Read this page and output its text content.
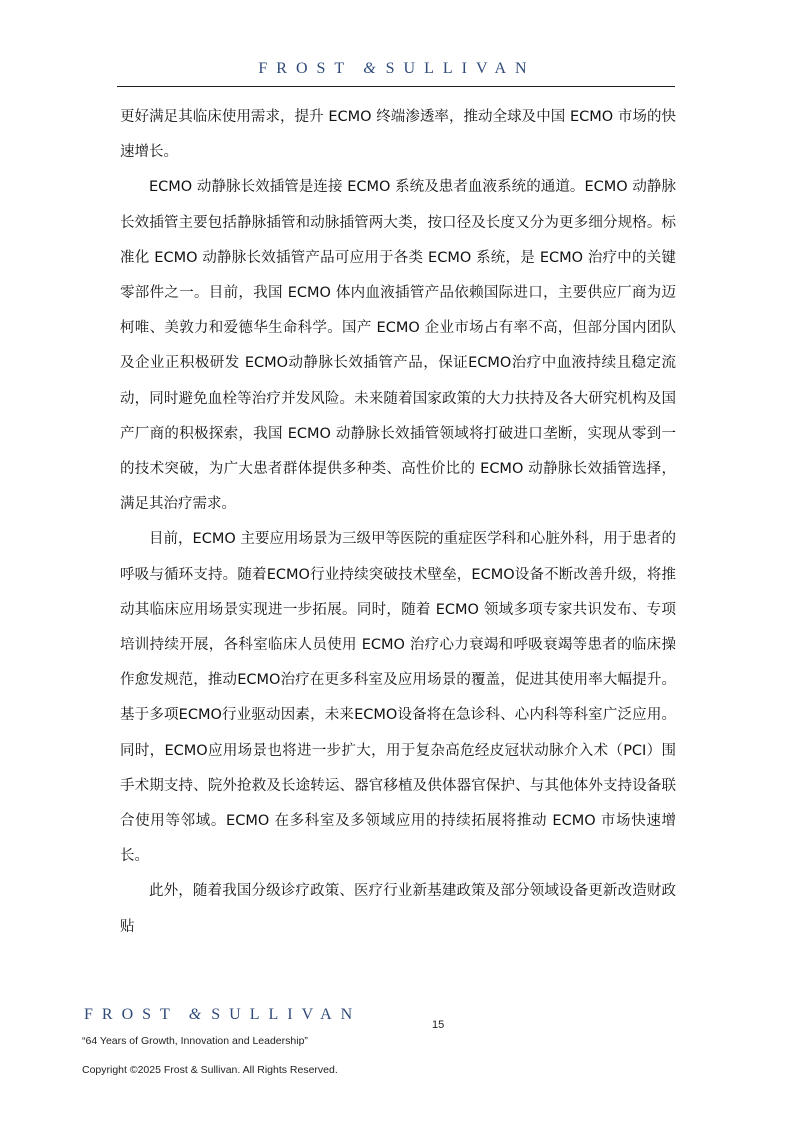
FROST & SULLIVAN

更好满足其临床使用需求，提升 ECMO 终端渗透率，推动全球及中国 ECMO 市场的快速增长。

ECMO 动静脉长效插管是连接 ECMO 系统及患者血液系统的通道。ECMO 动静脉长效插管主要包括静脉插管和动脉插管两大类，按口径及长度又分为更多细分规格。标准化 ECMO 动静脉长效插管产品可应用于各类 ECMO 系统，是 ECMO 治疗中的关键零部件之一。目前，我国 ECMO 体内血液插管产品依赖国际进口，主要供应厂商为迈柯唯、美敦力和爱德华生命科学。国产 ECMO 企业市场占有率不高，但部分国内团队及企业正积极研发 ECMO动静脉长效插管产品，保证ECMO治疗中血液持续且稳定流动，同时避免血栓等治疗并发风险。未来随着国家政策的大力扶持及各大研究机构及国产厂商的积极探索，我国 ECMO 动静脉长效插管领域将打破进口垄断，实现从零到一的技术突破，为广大患者群体提供多种类、高性价比的 ECMO 动静脉长效插管选择，满足其治疗需求。

目前，ECMO 主要应用场景为三级甲等医院的重症医学科和心脏外科，用于患者的呼吸与循环支持。随着ECMO行业持续突破技术壁垒，ECMO设备不断改善升级，将推动其临床应用场景实现进一步拓展。同时，随着 ECMO 领域多项专家共识发布、专项培训持续开展，各科室临床人员使用 ECMO 治疗心力衰竭和呼吸衰竭等患者的临床操作愈发规范，推动ECMO治疗在更多科室及应用场景的覆盖，促进其使用率大幅提升。基于多项ECMO行业驱动因素，未来ECMO设备将在急诊科、心内科等科室广泛应用。同时，ECMO应用场景也将进一步扩大，用于复杂高危经皮冠状动脉介入术（PCI）围手术期支持、院外抢救及长途转运、器官移植及供体器官保护、与其他体外支持设备联合使用等邻域。ECMO 在多科室及多领域应用的持续拓展将推动 ECMO 市场快速增长。

此外，随着我国分级诊疗政策、医疗行业新基建政策及部分领域设备更新改造财政贴

FROST & SULLIVAN
15
“64 Years of Growth, Innovation and Leadership”
Copyright ©2025 Frost & Sullivan. All Rights Reserved.
